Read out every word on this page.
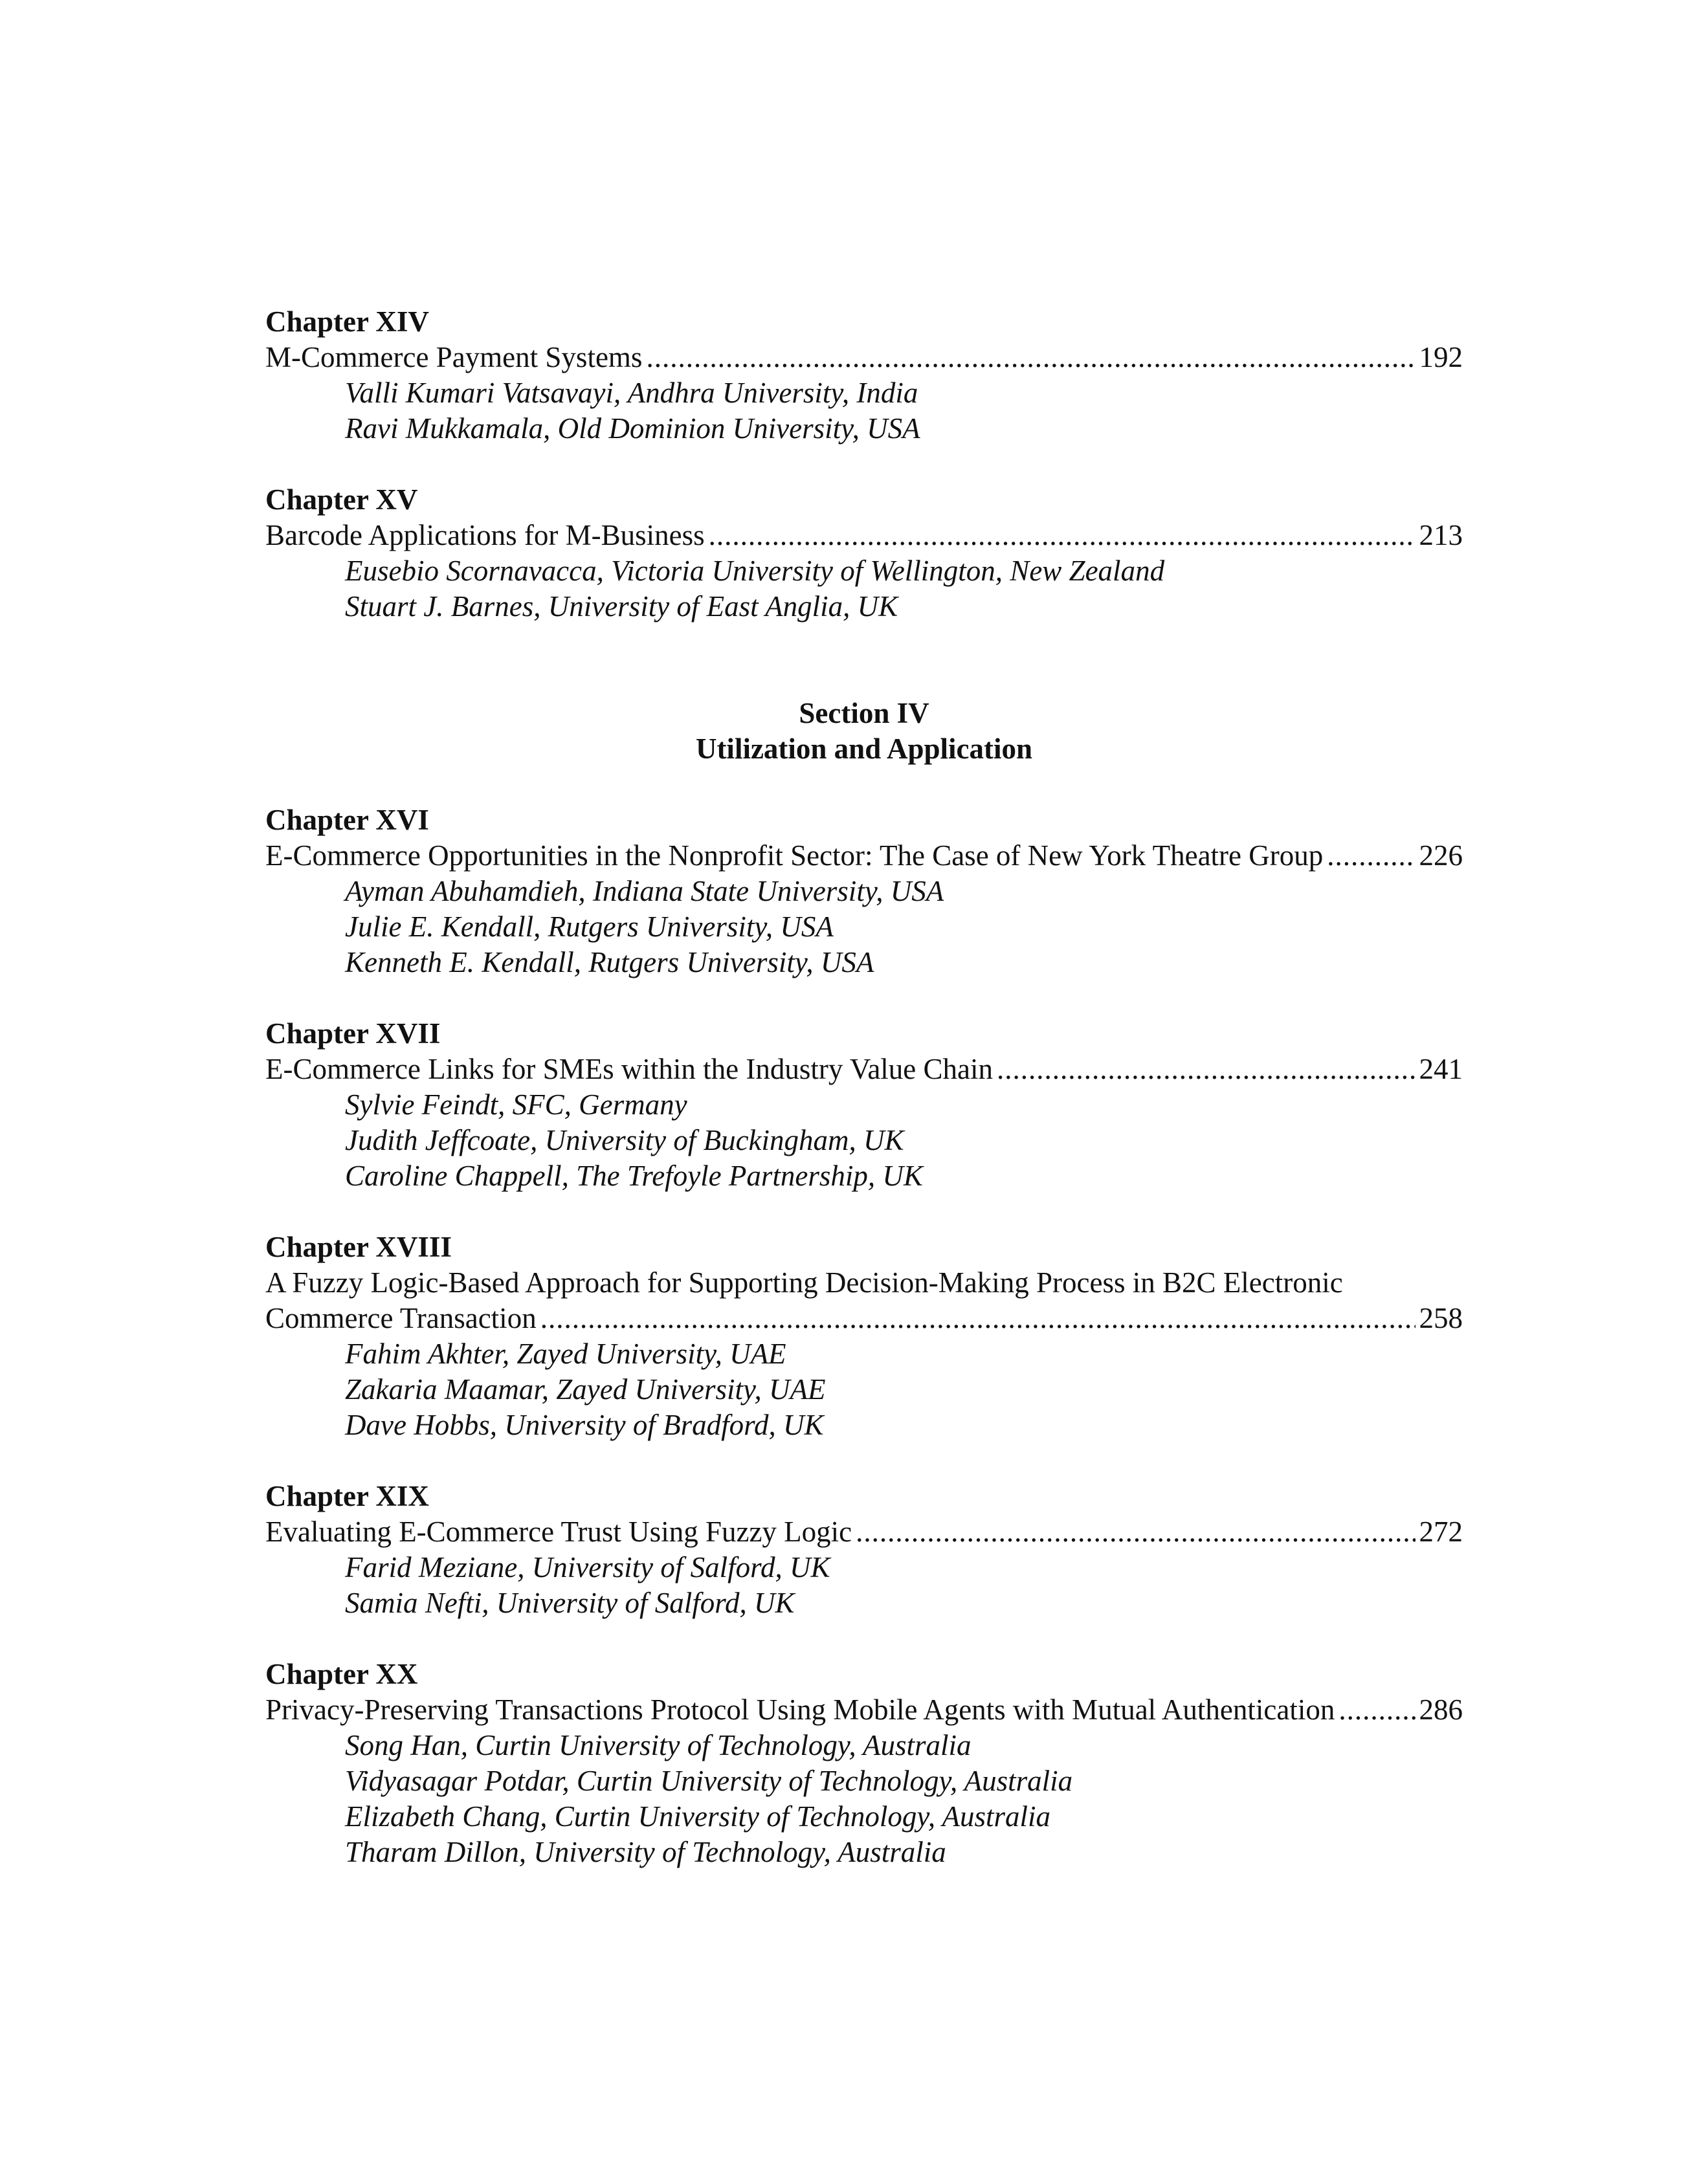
Chapter XIV
M-Commerce Payment Systems .....	192
Valli Kumari Vatsavayi, Andhra University, India
Ravi Mukkamala, Old Dominion University, USA
Chapter XV
Barcode Applications for M-Business .....	213
Eusebio Scornavacca, Victoria University of Wellington, New Zealand
Stuart J. Barnes, University of East Anglia, UK
Section IV
Utilization and Application
Chapter XVI
E-Commerce Opportunities in the Nonprofit Sector: The Case of New York Theatre Group .....	226
Ayman Abuhamdieh, Indiana State University, USA
Julie E. Kendall, Rutgers University, USA
Kenneth E. Kendall, Rutgers University, USA
Chapter XVII
E-Commerce Links for SMEs within the Industry Value Chain .....	241
Sylvie Feindt, SFC, Germany
Judith Jeffcoate, University of Buckingham, UK
Caroline Chappell, The Trefoyle Partnership, UK
Chapter XVIII
A Fuzzy Logic-Based Approach for Supporting Decision-Making Process in B2C Electronic
Commerce Transaction .....	258
Fahim Akhter, Zayed University, UAE
Zakaria Maamar, Zayed University, UAE
Dave Hobbs, University of Bradford, UK
Chapter XIX
Evaluating E-Commerce Trust Using Fuzzy Logic .....	272
Farid Meziane, University of Salford, UK
Samia Nefti, University of Salford, UK
Chapter XX
Privacy-Preserving Transactions Protocol Using Mobile Agents with Mutual Authentication .....	286
Song Han, Curtin University of Technology, Australia
Vidyasagar Potdar, Curtin University of Technology, Australia
Elizabeth Chang, Curtin University of Technology, Australia
Tharam Dillon, University of Technology, Australia
